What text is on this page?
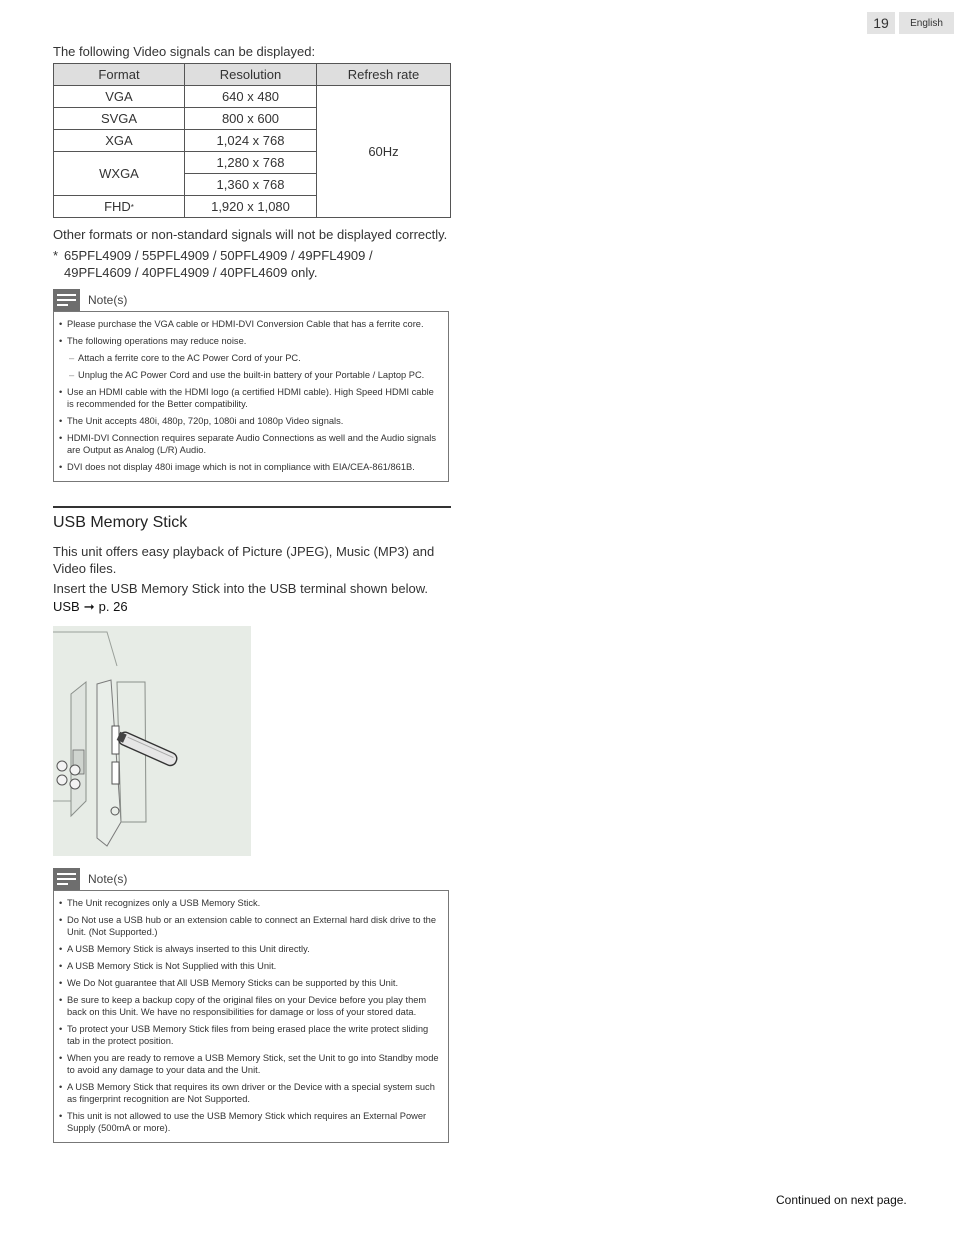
19	English
The following Video signals can be displayed:
Format	Resolution	Refresh rate
VGA	640 x 480	60Hz
SVGA	800 x 600	
XGA	1,024 x 768	
WXGA	1,280 x 768	
	1,360 x 768	
FHD*	1,920 x 1,080	
Other formats or non-standard signals will not be displayed correctly.
* 65PFL4909 / 55PFL4909 / 50PFL4909 / 49PFL4909 / 49PFL4609 / 40PFL4909 / 40PFL4609 only.
Note(s)
• Please purchase the VGA cable or HDMI-DVI Conversion Cable that has a ferrite core.
• The following operations may reduce noise.
– Attach a ferrite core to the AC Power Cord of your PC.
– Unplug the AC Power Cord and use the built-in battery of your Portable / Laptop PC.
• Use an HDMI cable with the HDMI logo (a certified HDMI cable). High Speed HDMI cable is recommended for the Better compatibility.
• The Unit accepts 480i, 480p, 720p, 1080i and 1080p Video signals.
• HDMI-DVI Connection requires separate Audio Connections as well and the Audio signals are Output as Analog (L/R) Audio.
• DVI does not display 480i image which is not in compliance with EIA/CEA-861/861B.
USB Memory Stick
This unit offers easy playback of Picture (JPEG), Music (MP3) and Video files.
Insert the USB Memory Stick into the USB terminal shown below.
USB ➞ p. 26
Note(s)
• The Unit recognizes only a USB Memory Stick.
• Do Not use a USB hub or an extension cable to connect an External hard disk drive to the Unit. (Not Supported.)
• A USB Memory Stick is always inserted to this Unit directly.
• A USB Memory Stick is Not Supplied with this Unit.
• We Do Not guarantee that All USB Memory Sticks can be supported by this Unit.
• Be sure to keep a backup copy of the original files on your Device before you play them back on this Unit. We have no responsibilities for damage or loss of your stored data.
• To protect your USB Memory Stick files from being erased place the write protect sliding tab in the protect position.
• When you are ready to remove a USB Memory Stick, set the Unit to go into Standby mode to avoid any damage to your data and the Unit.
• A USB Memory Stick that requires its own driver or the Device with a special system such as fingerprint recognition are Not Supported.
• This unit is not allowed to use the USB Memory Stick which requires an External Power Supply (500mA or more).
Continued on next page.
